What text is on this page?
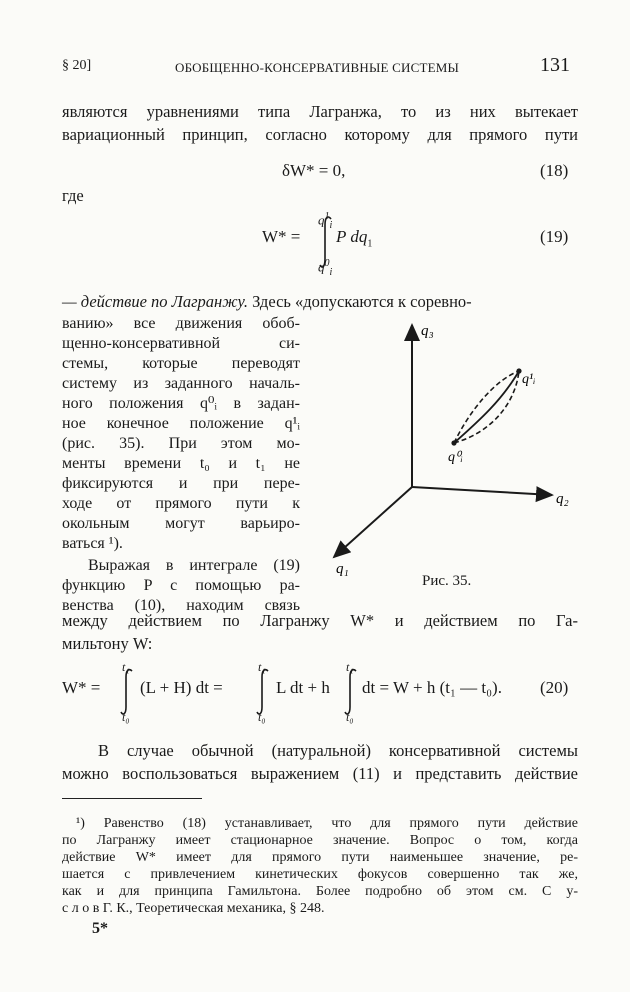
§ 20]	ОБОБЩЕННО-КОНСЕРВАТИВНЫЕ СИСТЕМЫ	131
являются уравнениями типа Лагранжа, то из них вытекает
вариационный принцип, согласно которому для прямого пути
δW* = 0,	(18)
где
W* =
$q^1_i$
$q^0_i$
P $dq_1$	(19)
— действие по Лагранжу. Здесь «допускаются к соревно-
ванию» все движения обоб-
щенно-консервативной си-
стемы, которые переводят
систему из заданного началь-
ного положения q⁰ᵢ в задан-
ное конечное положение q¹ᵢ
(рис. 35). При этом мо-
менты времени t₀ и t₁ не
фиксируются и при пере-
ходе от прямого пути к
окольным могут варьиро-
ваться ¹).
Выражая в интеграле (19)
функцию P с помощью ра-
венства (10), находим связь
q₃
q₂
q₁
q¹ᵢ
q⁰ᵢ
Рис. 35.
между действием по Лагранжу W* и действием по Га-
мильтону W:
W* =
t₁
t₀
(L + H) dt =
t₁
t₀
L dt + h
t₁
t₀
dt = W + h (t₁ — t₀). (20)
В случае обычной (натуральной) консервативной системы
можно воспользоваться выражением (11) и представить действие
¹) Равенство (18) устанавливает, что для прямого пути действие
по Лагранжу имеет стационарное значение. Вопрос о том, когда
действие W* имеет для прямого пути наименьшее значение, ре-
шается с привлечением кинетических фокусов совершенно так же,
как и для принципа Гамильтона. Более подробно об этом см. С у-
с л о в Г. К., Теоретическая механика, § 248.
5*
